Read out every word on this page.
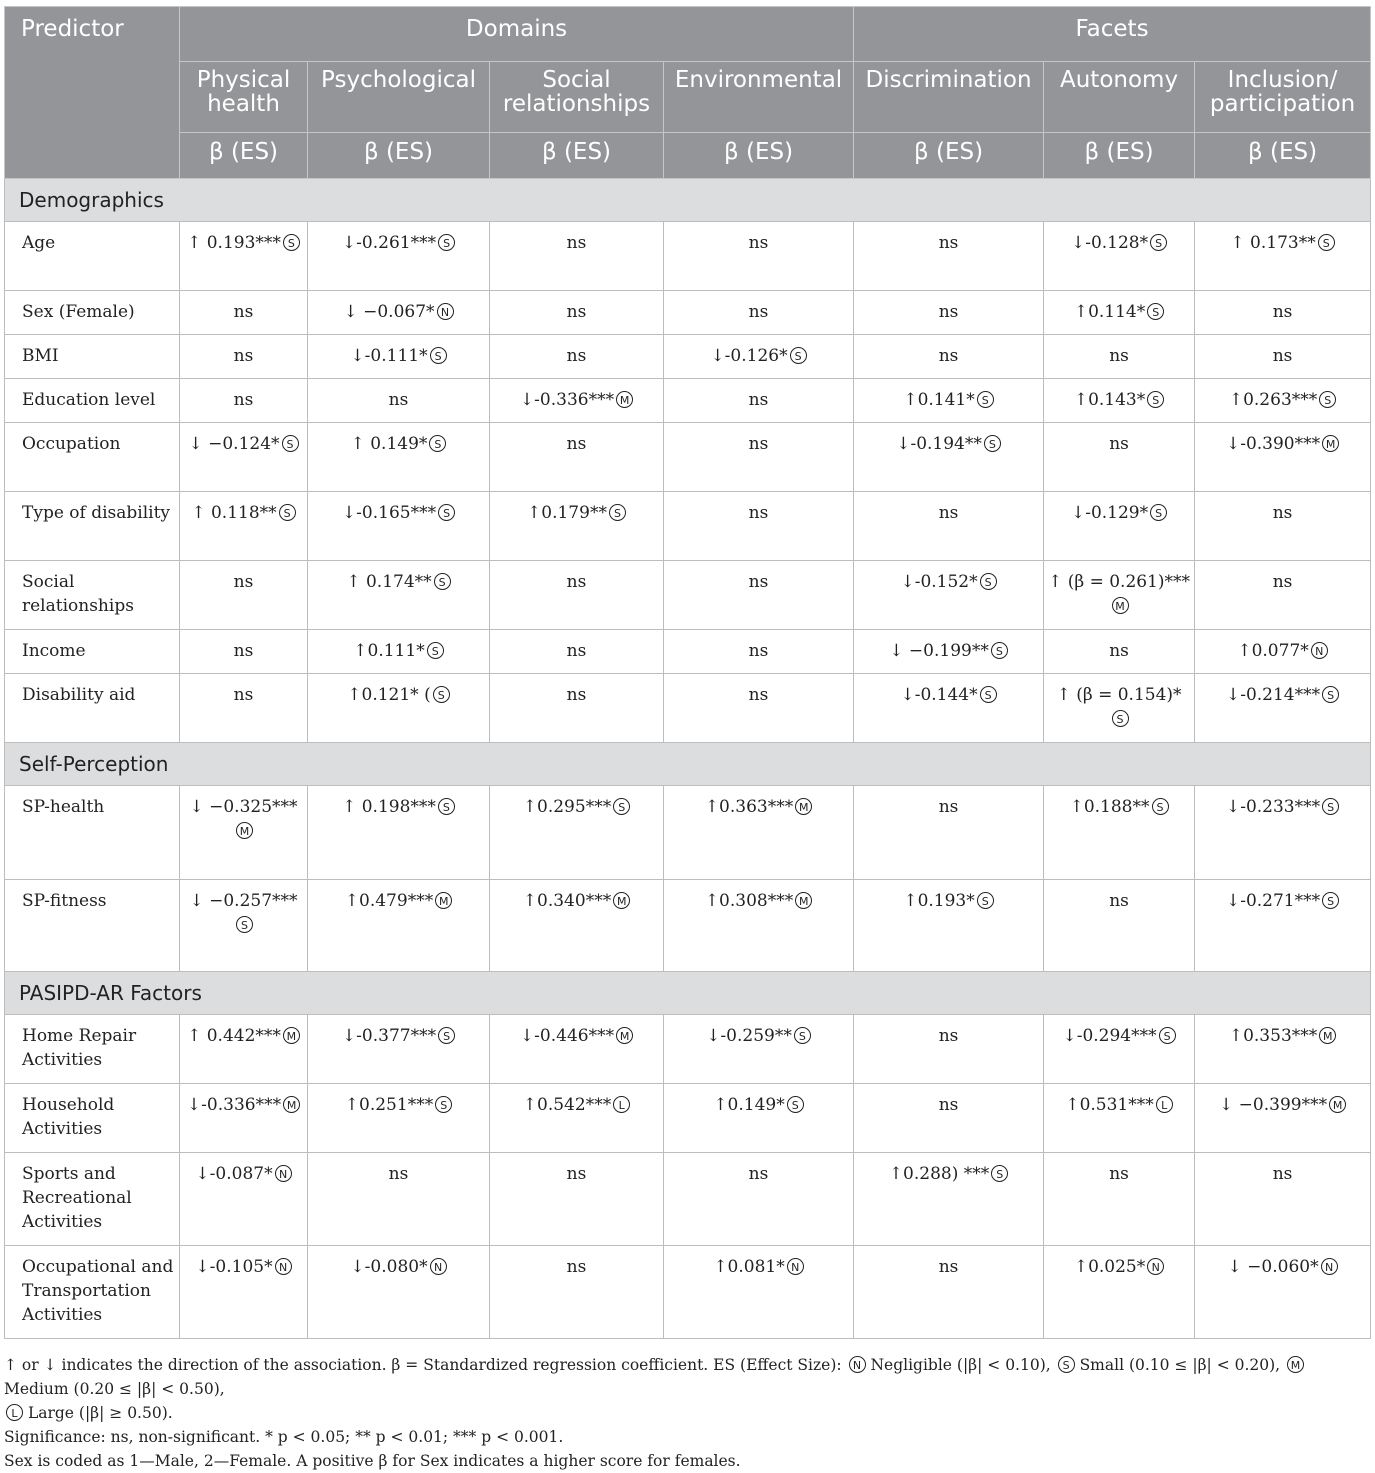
Predictor	Domains				Facets		
	Physical health	Psychological	Social relationships	Environmental	Discrimination	Autonomy	Inclusion/ participation
	β (ES)	β (ES)	β (ES)	β (ES)	β (ES)	β (ES)	β (ES)
Demographics							
Age	↑ 0.193*** S	↓-0.261*** S	ns	ns	ns	↓-0.128* S	↑ 0.173** S
Sex (Female)	ns	↓ −0.067* N	ns	ns	ns	↑0.114* S	ns
BMI	ns	↓-0.111* S	ns	↓-0.126* S	ns	ns	ns
Education level	ns	ns	↓-0.336*** M	ns	↑0.141* S	↑0.143* S	↑0.263*** S
Occupation	↓ −0.124* S	↑ 0.149* S	ns	ns	↓-0.194** S	ns	↓-0.390*** M
Type of disability	↑ 0.118** S	↓-0.165*** S	↑0.179** S	ns	ns	↓-0.129* S	ns
Social relationships	ns	↑ 0.174** S	ns	ns	↓-0.152* S	↑ (β = 0.261)***M	ns
Income	ns	↑0.111* S	ns	ns	↓ −0.199** S	ns	↑0.077* N
Disability aid	ns	↑0.121* ( S	ns	ns	↓-0.144* S	↑ (β = 0.154)*S	↓-0.214*** S
Self-Perception							
SP-health	↓ −0.325***M	↑ 0.198*** S	↑0.295*** S	↑0.363*** M	ns	↑0.188** S	↓-0.233*** S
SP-fitness	↓ −0.257***S	↑0.479*** M	↑0.340*** M	↑0.308*** M	↑0.193* S	ns	↓-0.271*** S
PASIPD-AR Factors							
Home Repair Activities	↑ 0.442*** M	↓-0.377*** S	↓-0.446*** M	↓-0.259** S	ns	↓-0.294*** S	↑0.353*** M
Household Activities	↓-0.336*** M	↑0.251*** S	↑0.542*** L	↑0.149* S	ns	↑0.531*** L	↓ −0.399*** M
Sports and Recreational Activities	↓-0.087* N	ns	ns	ns	↑0.288) *** S	ns	ns
Occupational and Transportation Activities	↓-0.105* N	↓-0.080* N	ns	↑0.081* N	ns	↑0.025* N	↓ −0.060* N

↑ or ↓ indicates the direction of the association. β = Standardized regression coefficient. ES (Effect Size): N Negligible (|β| < 0.10), S Small (0.10 ≤ |β| < 0.20), M Medium (0.20 ≤ |β| < 0.50),
L Large (|β| ≥ 0.50).

Significance: ns, non-significant. * p < 0.05; ** p < 0.01; *** p < 0.001.

Sex is coded as 1—Male, 2—Female. A positive β for Sex indicates a higher score for females.
